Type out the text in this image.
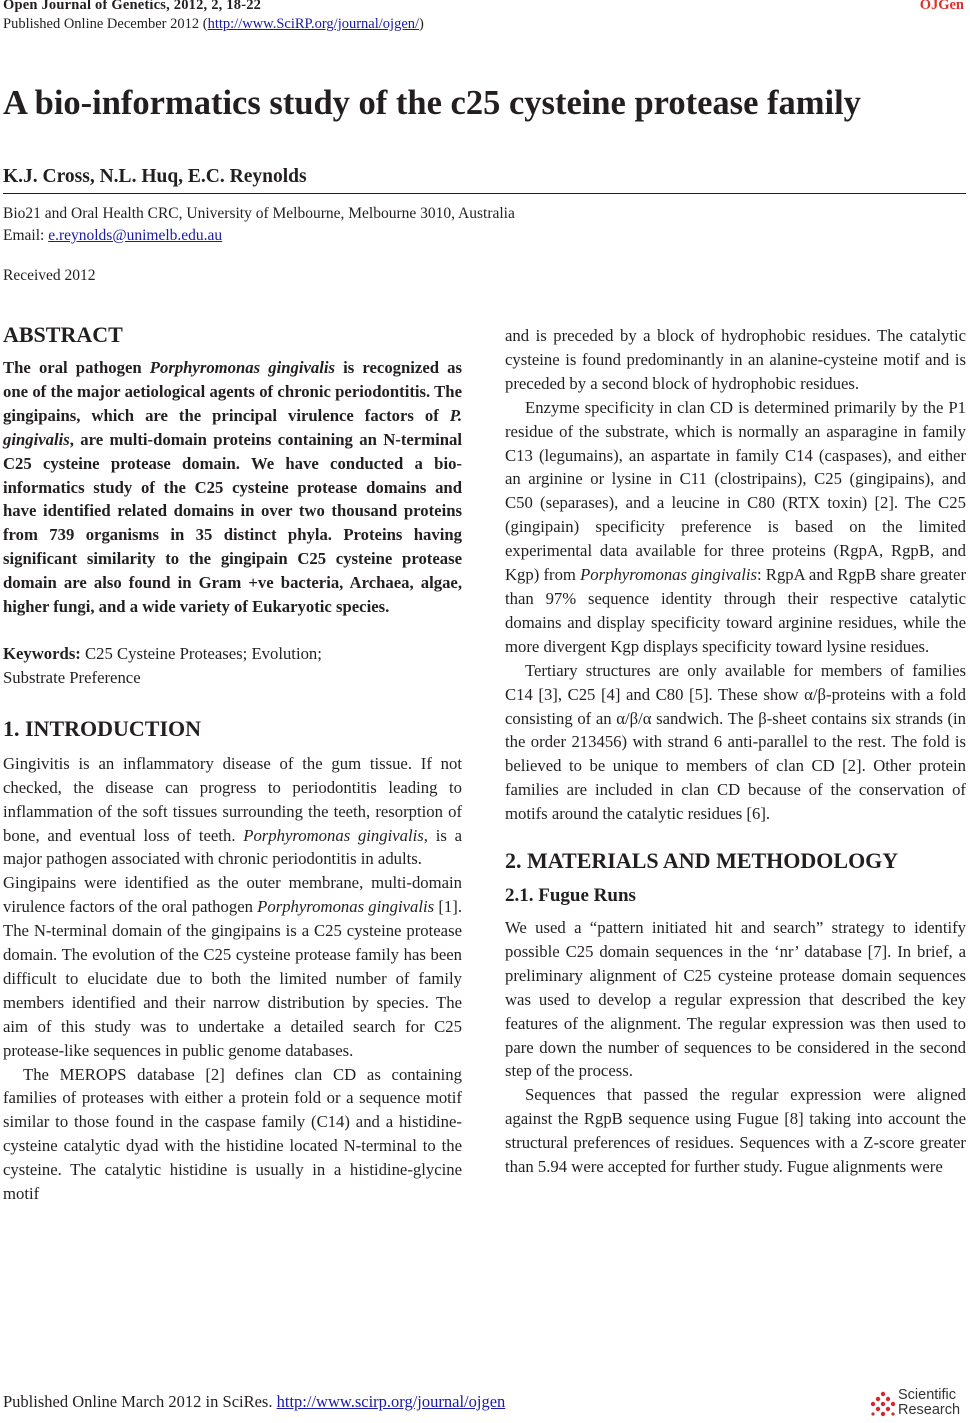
Open Journal of Genetics, 2012, 2, 18-22	OJGen
Published Online December 2012 (http://www.SciRP.org/journal/ojgen/)
A bio-informatics study of the c25 cysteine protease family
K.J. Cross, N.L. Huq, E.C. Reynolds
Bio21 and Oral Health CRC, University of Melbourne, Melbourne 3010, Australia
Email: e.reynolds@unimelb.edu.au
Received 2012
ABSTRACT

The oral pathogen Porphyromonas gingivalis is recognized as one of the major aetiological agents of chronic periodontitis. The gingipains, which are the principal virulence factors of P. gingivalis, are multi-domain proteins containing an N-terminal C25 cysteine protease domain. We have conducted a bio-informatics study of the C25 cysteine protease domains and have identified related domains in over two thousand proteins from 739 organisms in 35 distinct phyla. Proteins having significant similarity to the gingipain C25 cysteine protease domain are also found in Gram +ve bacteria, Archaea, algae, higher fungi, and a wide variety of Eukaryotic species.

Keywords: C25 Cysteine Proteases; Evolution;
Substrate Preference

1. INTRODUCTION

Gingivitis is an inflammatory disease of the gum tissue. If not checked, the disease can progress to periodontitis leading to inflammation of the soft tissues surrounding the teeth, resorption of bone, and eventual loss of teeth. Porphyromonas gingivalis, is a major pathogen associated with chronic periodontitis in adults.

Gingipains were identified as the outer membrane, multi-domain virulence factors of the oral pathogen Porphyromonas gingivalis [1]. The N-terminal domain of the gingipains is a C25 cysteine protease domain. The evolution of the C25 cysteine protease family has been difficult to elucidate due to both the limited number of family members identified and their narrow distribution by species. The aim of this study was to undertake a detailed search for C25 protease-like sequences in public genome databases.

The MEROPS database [2] defines clan CD as containing families of proteases with either a protein fold or a sequence motif similar to those found in the caspase family (C14) and a histidine-cysteine catalytic dyad with the histidine located N-terminal to the cysteine. The catalytic histidine is usually in a histidine-glycine motif

and is preceded by a block of hydrophobic residues. The catalytic cysteine is found predominantly in an alanine-cysteine motif and is preceded by a second block of hydrophobic residues.

Enzyme specificity in clan CD is determined primarily by the P1 residue of the substrate, which is normally an asparagine in family C13 (legumains), an aspartate in family C14 (caspases), and either an arginine or lysine in C11 (clostripains), C25 (gingipains), and C50 (separases), and a leucine in C80 (RTX toxin) [2]. The C25 (gingipain) specificity preference is based on the limited experimental data available for three proteins (RgpA, RgpB, and Kgp) from Porphyromonas gingivalis: RgpA and RgpB share greater than 97% sequence identity through their respective catalytic domains and display specificity toward arginine residues, while the more divergent Kgp displays specificity toward lysine residues.

Tertiary structures are only available for members of families C14 [3], C25 [4] and C80 [5]. These show α/β-proteins with a fold consisting of an α/β/α sandwich. The β-sheet contains six strands (in the order 213456) with strand 6 anti-parallel to the rest. The fold is believed to be unique to members of clan CD [2]. Other protein families are included in clan CD because of the conservation of motifs around the catalytic residues [6].

2. MATERIALS AND METHODOLOGY
2.1. Fugue Runs

We used a “pattern initiated hit and search” strategy to identify possible C25 domain sequences in the ‘nr’ database [7]. In brief, a preliminary alignment of C25 cysteine protease domain sequences was used to develop a regular expression that described the key features of the alignment. The regular expression was then used to pare down the number of sequences to be considered in the second step of the process.

Sequences that passed the regular expression were aligned against the RgpB sequence using Fugue [8] taking into account the structural preferences of residues. Sequences with a Z-score greater than 5.94 were accepted for further study. Fugue alignments were

Published Online March 2012 in SciRes. http://www.scirp.org/journal/ojgen	Scientific
Research
